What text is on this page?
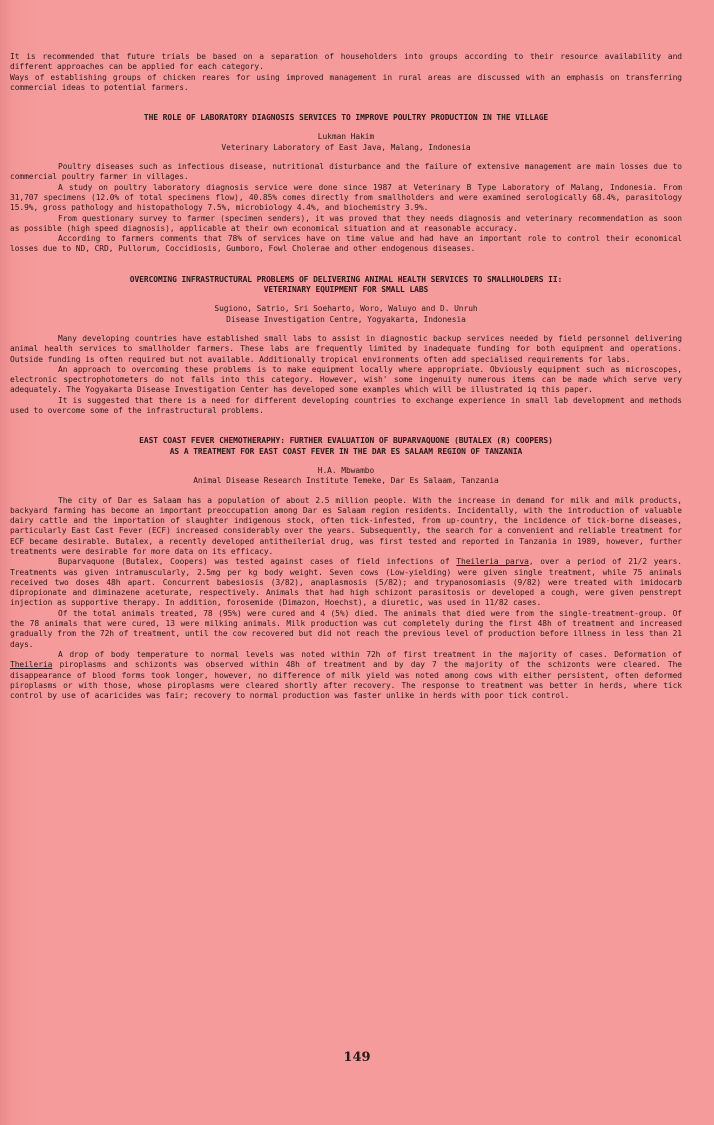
It is recommended that future trials be based on a separation of householders into groups according to their resource availability and different approaches can be applied for each category.

Ways of establishing groups of chicken reares for using improved management in rural areas are discussed with an emphasis on transferring commercial ideas to potential farmers.

THE ROLE OF LABORATORY DIAGNOSIS SERVICES TO IMPROVE POULTRY PRODUCTION IN THE VILLAGE

Lukman Hakim

Veterinary Laboratory of East Java, Malang, Indonesia

Poultry diseases such as infectious disease, nutritional disturbance and the failure of extensive management are main losses due to commercial poultry farmer in villages.

A study on poultry laboratory diagnosis service were done since 1987 at Veterinary B Type Laboratory of Malang, Indonesia. From 31,707 specimens (12.0% of total specimens flow), 40.85% comes directly from smallholders and were examined serologically 68.4%, parasitology 15.9%, gross pathology and histopathology 7.5%, microbiology 4.4%, and biochemistry 3.9%.

From questionary survey to farmer (specimen senders), it was proved that they needs diagnosis and veterinary recommendation as soon as possible (high speed diagnosis), applicable at their own economical situation and at reasonable accuracy.

According to farmers comments that 78% of services have on time value and had have an important role to control their economical losses due to ND, CRD, Pullorum, Coccidiosis, Gumboro, Fowl Cholerae and other endogenous diseases.

OVERCOMING INFRASTRUCTURAL PROBLEMS OF DELIVERING ANIMAL HEALTH SERVICES TO SMALLHOLDERS II:
VETERINARY EQUIPMENT FOR SMALL LABS

Sugiono, Satrio, Sri Soeharto, Woro, Waluyo and D. Unruh

Disease Investigation Centre, Yogyakarta, Indonesia

Many developing countries have established small labs to assist in diagnostic backup services needed by field personnel delivering animal health services to smallholder farmers. These labs are frequently limited by inadequate funding for both equipment and operations. Outside funding is often required but not available. Additionally tropical environments often add specialised requirements for labs.

An approach to overcoming these problems is to make equipment locally where appropriate. Obviously equipment such as microscopes, electronic spectrophotometers do not falls into this category. However, wish' some ingenuity numerous items can be made which serve very adequately. The Yogyakarta Disease Investigation Center has developed some examples which will be illustrated iq this paper.

It is suggested that there is a need for different developing countries to exchange experience in small lab development and methods used to overcome some of the infrastructural problems.

EAST COAST FEVER CHEMOTHERAPHY: FURTHER EVALUATION OF BUPARVAQUONE (BUTALEX (R) COOPERS)
AS A TREATMENT FOR EAST COAST FEVER IN THE DAR ES SALAAM REGION OF TANZANIA

H.A. Mbwambo

Animal Disease Research Institute Temeke, Dar Es Salaam, Tanzania

The city of Dar es Salaam has a population of about 2.5 million people. With the increase in demand for milk and milk products, backyard farming has become an important preoccupation among Dar es Salaam region residents. Incidentally, with the introduction of valuable dairy cattle and the importation of slaughter indigenous stock, often tick-infested, from up-country, the incidence of tick-borne diseases, particularly East Cast Fever (ECF) increased considerably over the years. Subsequently, the search for a convenient and reliable treatment for ECF became desirable. Butalex, a recently developed antitheilerial drug, was first tested and reported in Tanzania in 1989, however, further treatments were desirable for more data on its efficacy.

Buparvaquone (Butalex, Coopers) was tested against cases of field infections of Theileria parva, over a period of 21/2 years. Treatments was given intramuscularly, 2.5mg per kg body weight. Seven cows (Low-yielding) were given single treatment, while 75 animals received two doses 48h apart. Concurrent babesiosis (3/82), anaplasmosis (5/82); and trypanosomiasis (9/82) were treated with imidocarb dipropionate and diminazene aceturate, respectively. Animals that had high schizont parasitosis or developed a cough, were given penstrept injection as supportive therapy. In addition, forosemide (Dimazon, Hoechst), a diuretic, was used in 11/82 cases.

Of the total animals treated, 78 (95%) were cured and 4 (5%) died. The animals that died were from the single-treatment-group. Of the 78 animals that were cured, 13 were milking animals. Milk production was cut completely during the first 48h of treatment and increased gradually from the 72h of treatment, until the cow recovered but did not reach the previous level of production before illness in less than 21 days.

A drop of body temperature to normal levels was noted within 72h of first treatment in the majority of cases. Deformation of Theileria piroplasms and schizonts was observed within 48h of treatment and by day 7 the majority of the schizonts were cleared. The disappearance of blood forms took longer, however, no difference of milk yield was noted among cows with either persistent, often deformed piroplasms or with those, whose piroplasms were cleared shortly after recovery. The response to treatment was better in herds, where tick control by use of acaricides was fair; recovery to normal production was faster unlike in herds with poor tick control.

149
